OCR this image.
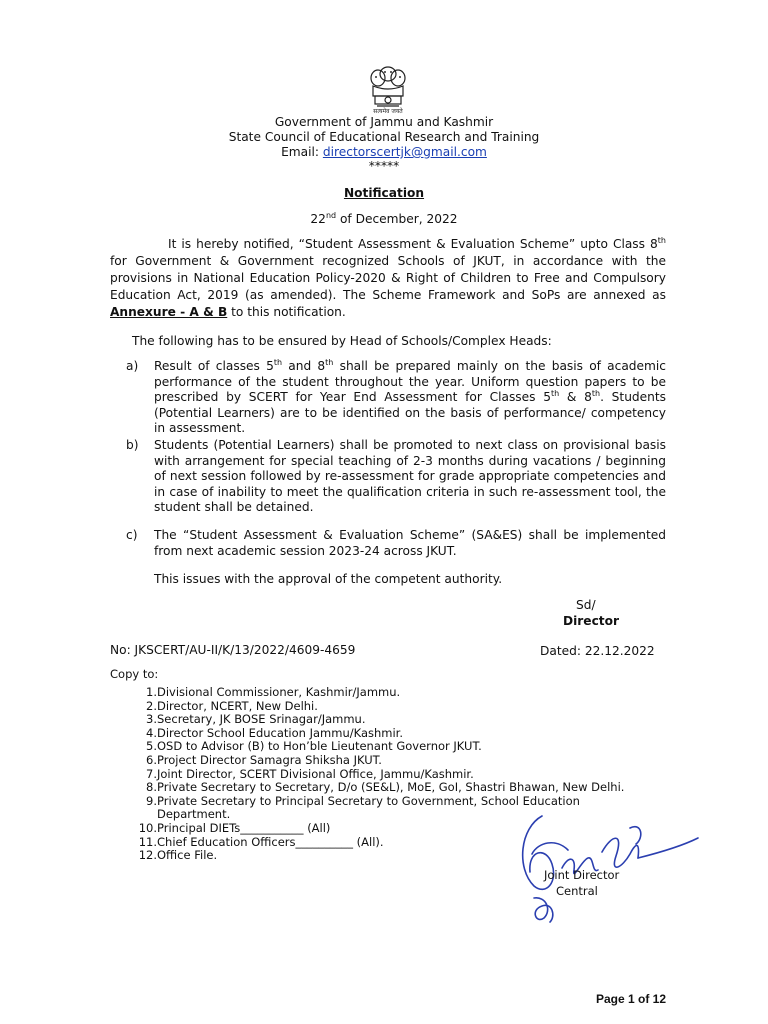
सत्यमेव जयते
Government of Jammu and Kashmir
State Council of Educational Research and Training
Email: directorscertjk@gmail.com
*****
Notification
22nd of December, 2022
It is hereby notified, “Student Assessment & Evaluation Scheme” upto Class 8th for Government & Government recognized Schools of JKUT, in accordance with the provisions in National Education Policy-2020 & Right of Children to Free and Compulsory Education Act, 2019 (as amended). The Scheme Framework and SoPs are annexed as Annexure - A & B to this notification.
The following has to be ensured by Head of Schools/Complex Heads:
a) Result of classes 5th and 8th shall be prepared mainly on the basis of academic performance of the student throughout the year. Uniform question papers to be prescribed by SCERT for Year End Assessment for Classes 5th & 8th. Students (Potential Learners) are to be identified on the basis of performance/ competency in assessment.
b) Students (Potential Learners) shall be promoted to next class on provisional basis with arrangement for special teaching of 2-3 months during vacations / beginning of next session followed by re-assessment for grade appropriate competencies and in case of inability to meet the qualification criteria in such re-assessment tool, the student shall be detained.
c) The “Student Assessment & Evaluation Scheme” (SA&ES) shall be implemented from next academic session 2023-24 across JKUT.
This issues with the approval of the competent authority.
Sd/
Director
No: JKSCERT/AU-II/K/13/2022/4609-4659	Dated: 22.12.2022
Copy to:
1. Divisional Commissioner, Kashmir/Jammu.
2. Director, NCERT, New Delhi.
3. Secretary, JK BOSE Srinagar/Jammu.
4. Director School Education Jammu/Kashmir.
5. OSD to Advisor (B) to Hon’ble Lieutenant Governor JKUT.
6. Project Director Samagra Shiksha JKUT.
7. Joint Director, SCERT Divisional Office, Jammu/Kashmir.
8. Private Secretary to Secretary, D/o (SE&L), MoE, GoI, Shastri Bhawan, New Delhi.
9. Private Secretary to Principal Secretary to Government, School Education
Department.
10. Principal DIETs___________ (All)
11. Chief Education Officers__________ (All).
12. Office File.
Joint Director
Central
Page 1 of 12
